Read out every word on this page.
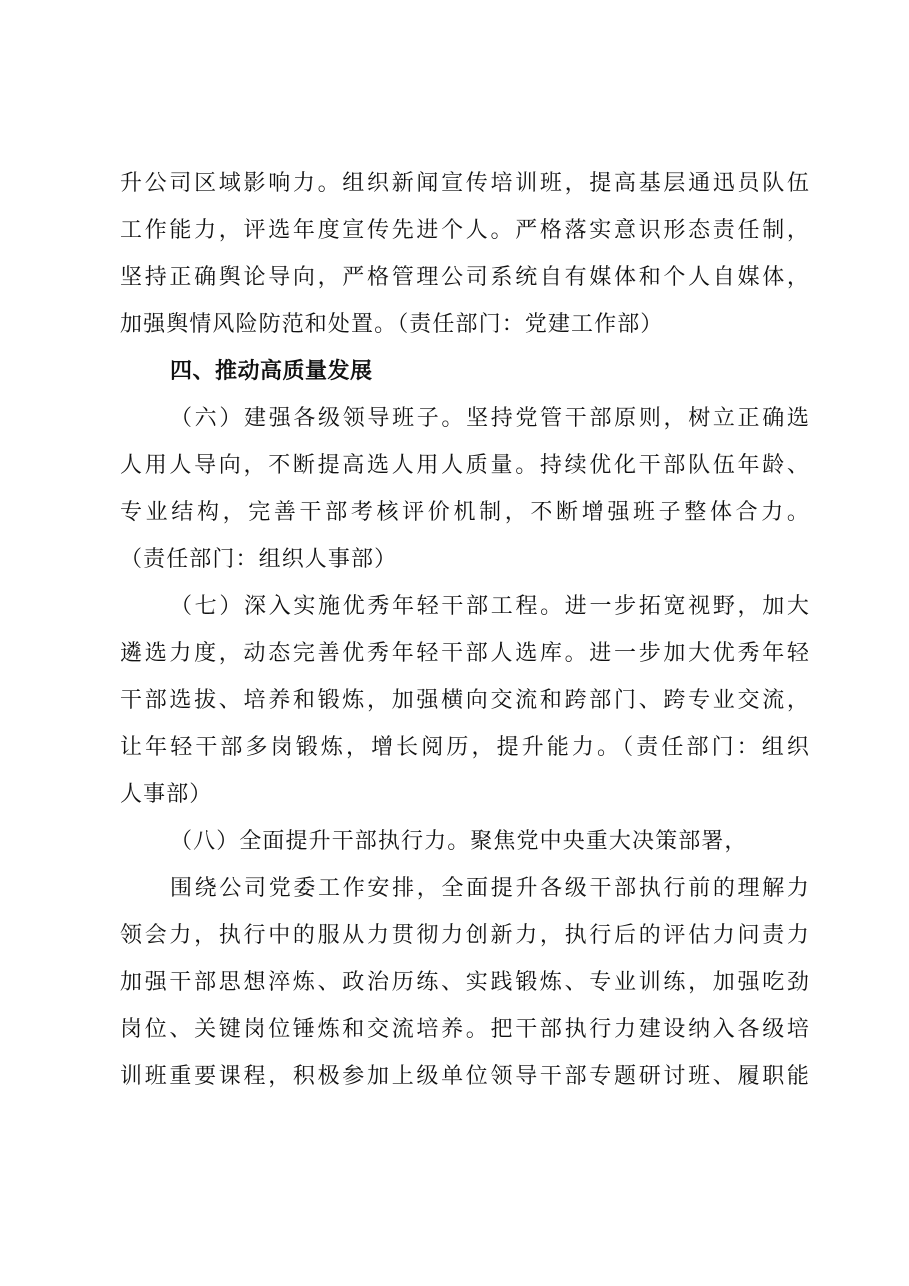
升公司区域影响力。组织新闻宣传培训班，提高基层通迅员队伍
工作能力，评选年度宣传先进个人。严格落实意识形态责任制，
坚持正确舆论导向，严格管理公司系统自有媒体和个人自媒体，
加强舆情风险防范和处置。（责任部门：党建工作部）
四、推动高质量发展
（六）建强各级领导班子。坚持党管干部原则，树立正确选
人用人导向，不断提高选人用人质量。持续优化干部队伍年龄、
专业结构，完善干部考核评价机制，不断增强班子整体合力。
（责任部门：组织人事部）
（七）深入实施优秀年轻干部工程。进一步拓宽视野，加大
遴选力度，动态完善优秀年轻干部人选库。进一步加大优秀年轻
干部选拔、培养和锻炼，加强横向交流和跨部门、跨专业交流，
让年轻干部多岗锻炼，增长阅历，提升能力。（责任部门：组织
人事部）
（八）全面提升干部执行力。聚焦党中央重大决策部署，
围绕公司党委工作安排，全面提升各级干部执行前的理解力
领会力，执行中的服从力贯彻力创新力，执行后的评估力问责力
加强干部思想淬炼、政治历练、实践锻炼、专业训练，加强吃劲
岗位、关键岗位锤炼和交流培养。把干部执行力建设纳入各级培
训班重要课程，积极参加上级单位领导干部专题研讨班、履职能
